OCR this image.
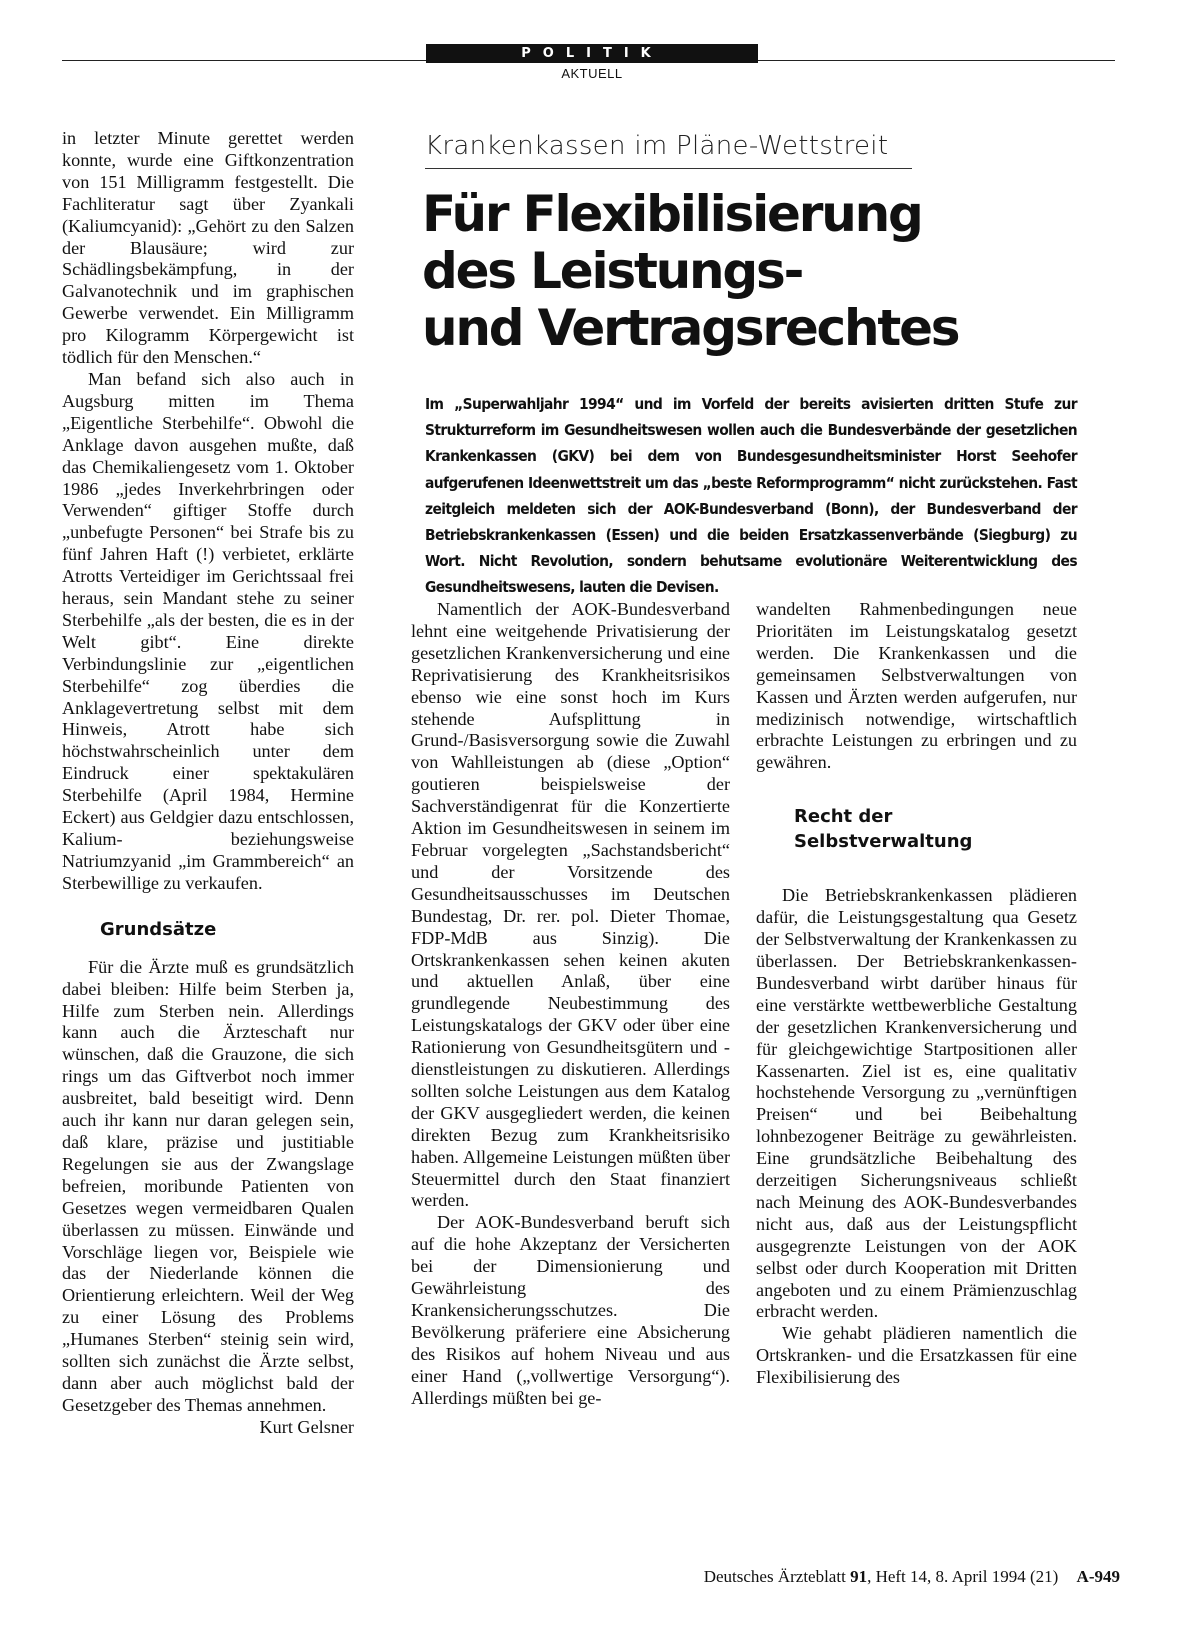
POLITIK
AKTUELL

in letzter Minute gerettet werden konnte, wurde eine Giftkonzentration von 151 Milligramm festgestellt. Die Fachliteratur sagt über Zyankali (Kaliumcyanid): „Gehört zu den Salzen der Blausäure; wird zur Schädlingsbekämpfung, in der Galvanotechnik und im graphischen Gewerbe verwendet. Ein Milligramm pro Kilogramm Körpergewicht ist tödlich für den Menschen.“

Man befand sich also auch in Augsburg mitten im Thema „Eigentliche Sterbehilfe“. Obwohl die Anklage davon ausgehen mußte, daß das Chemikaliengesetz vom 1. Oktober 1986 „jedes Inverkehrbringen oder Verwenden“ giftiger Stoffe durch „unbefugte Personen“ bei Strafe bis zu fünf Jahren Haft (!) verbietet, erklärte Atrotts Verteidiger im Gerichtssaal frei heraus, sein Mandant stehe zu seiner Sterbehilfe „als der besten, die es in der Welt gibt“. Eine direkte Verbindungslinie zur „eigentlichen Sterbehilfe“ zog überdies die Anklagevertretung selbst mit dem Hinweis, Atrott habe sich höchstwahrscheinlich unter dem Eindruck einer spektakulären Sterbehilfe (April 1984, Hermine Eckert) aus Geldgier dazu entschlossen, Kalium- beziehungsweise Natriumzyanid „im Grammbereich“ an Sterbewillige zu verkaufen.

Grundsätze

Für die Ärzte muß es grundsätzlich dabei bleiben: Hilfe beim Sterben ja, Hilfe zum Sterben nein. Allerdings kann auch die Ärzteschaft nur wünschen, daß die Grauzone, die sich rings um das Giftverbot noch immer ausbreitet, bald beseitigt wird. Denn auch ihr kann nur daran gelegen sein, daß klare, präzise und justitiable Regelungen sie aus der Zwangslage befreien, moribunde Patienten von Gesetzes wegen vermeidbaren Qualen überlassen zu müssen. Einwände und Vorschläge liegen vor, Beispiele wie das der Niederlande können die Orientierung erleichtern. Weil der Weg zu einer Lösung des Problems „Humanes Sterben“ steinig sein wird, sollten sich zunächst die Ärzte selbst, dann aber auch möglichst bald der Gesetzgeber des Themas annehmen.
Kurt Gelsner

Krankenkassen im Pläne-Wettstreit
Für Flexibilisierung
des Leistungs-
und Vertragsrechtes
Im „Superwahljahr 1994“ und im Vorfeld der bereits avisierten dritten Stufe zur Strukturreform im Gesundheitswesen wollen auch die Bundesverbände der gesetzlichen Krankenkassen (GKV) bei dem von Bundesgesundheitsminister Horst Seehofer aufgerufenen Ideenwettstreit um das „beste Reformprogramm“ nicht zurückstehen. Fast zeitgleich meldeten sich der AOK-Bundesverband (Bonn), der Bundesverband der Betriebskrankenkassen (Essen) und die beiden Ersatzkassenverbände (Siegburg) zu Wort. Nicht Revolution, sondern behutsame evolutionäre Weiterentwicklung des Gesundheitswesens, lauten die Devisen.

Namentlich der AOK-Bundesverband lehnt eine weitgehende Privatisierung der gesetzlichen Krankenversicherung und eine Reprivatisierung des Krankheitsrisikos ebenso wie eine sonst hoch im Kurs stehende Aufsplittung in Grund-/Basisversorgung sowie die Zuwahl von Wahlleistungen ab (diese „Option“ goutieren beispielsweise der Sachverständigenrat für die Konzertierte Aktion im Gesundheitswesen in seinem im Februar vorgelegten „Sachstandsbericht“ und der Vorsitzende des Gesundheitsausschusses im Deutschen Bundestag, Dr. rer. pol. Dieter Thomae, FDP-MdB aus Sinzig). Die Ortskrankenkassen sehen keinen akuten und aktuellen Anlaß, über eine grundlegende Neubestimmung des Leistungskatalogs der GKV oder über eine Rationierung von Gesundheitsgütern und -dienstleistungen zu diskutieren. Allerdings sollten solche Leistungen aus dem Katalog der GKV ausgegliedert werden, die keinen direkten Bezug zum Krankheitsrisiko haben. Allgemeine Leistungen müßten über Steuermittel durch den Staat finanziert werden.

Der AOK-Bundesverband beruft sich auf die hohe Akzeptanz der Versicherten bei der Dimensionierung und Gewährleistung des Krankensicherungsschutzes. Die Bevölkerung präferiere eine Absicherung des Risikos auf hohem Niveau und aus einer Hand („vollwertige Versorgung“). Allerdings müßten bei ge-

wandelten Rahmenbedingungen neue Prioritäten im Leistungskatalog gesetzt werden. Die Krankenkassen und die gemeinsamen Selbstverwaltungen von Kassen und Ärzten werden aufgerufen, nur medizinisch notwendige, wirtschaftlich erbrachte Leistungen zu erbringen und zu gewähren.

Recht der
Selbstverwaltung

Die Betriebskrankenkassen plädieren dafür, die Leistungsgestaltung qua Gesetz der Selbstverwaltung der Krankenkassen zu überlassen. Der Betriebskrankenkassen-Bundesverband wirbt darüber hinaus für eine verstärkte wettbewerbliche Gestaltung der gesetzlichen Krankenversicherung und für gleichgewichtige Startpositionen aller Kassenarten. Ziel ist es, eine qualitativ hochstehende Versorgung zu „vernünftigen Preisen“ und bei Beibehaltung lohnbezogener Beiträge zu gewährleisten. Eine grundsätzliche Beibehaltung des derzeitigen Sicherungsniveaus schließt nach Meinung des AOK-Bundesverbandes nicht aus, daß aus der Leistungspflicht ausgegrenzte Leistungen von der AOK selbst oder durch Kooperation mit Dritten angeboten und zu einem Prämienzuschlag erbracht werden.

Wie gehabt plädieren namentlich die Ortskranken- und die Ersatzkassen für eine Flexibilisierung des

Deutsches Ärzteblatt 91, Heft 14, 8. April 1994 (21) A-949
